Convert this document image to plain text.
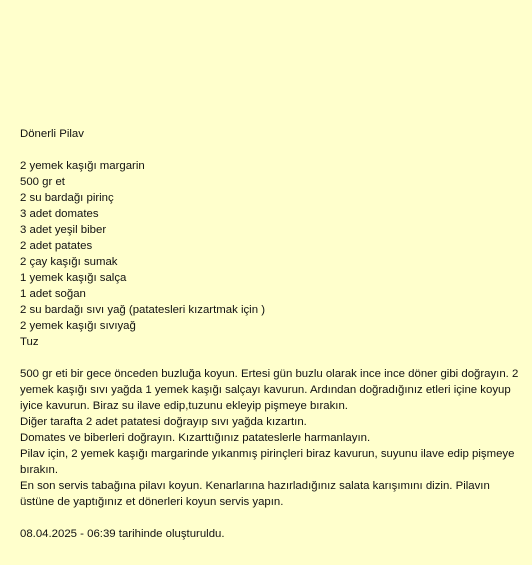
Dönerli Pilav
2 yemek kaşığı margarin
500 gr et
2 su bardağı pirinç
3 adet domates
3 adet yeşil biber
2 adet patates
2 çay kaşığı sumak
1 yemek kaşığı salça
1 adet soğan
2 su bardağı sıvı yağ (patatesleri kızartmak için )
2 yemek kaşığı sıvıyağ
Tuz
500 gr eti bir gece önceden buzluğa koyun. Ertesi gün buzlu olarak ince ince döner gibi doğrayın. 2 yemek kaşığı sıvı yağda 1 yemek kaşığı salçayı kavurun. Ardından doğradığınız etleri içine koyup iyice kavurun. Biraz su ilave edip,tuzunu ekleyip pişmeye bırakın.
Diğer tarafta 2 adet patatesi doğrayıp sıvı yağda kızartın.
Domates ve biberleri doğrayın. Kızarttığınız patateslerle harmanlayın.
Pilav için, 2 yemek kaşığı margarinde yıkanmış pirinçleri biraz kavurun, suyunu ilave edip pişmeye bırakın.
En son servis tabağına pilavı koyun. Kenarlarına hazırladığınız salata karışımını dizin. Pilavın üstüne de yaptığınız et dönerleri koyun servis yapın.
08.04.2025 - 06:39 tarihinde oluşturuldu.
